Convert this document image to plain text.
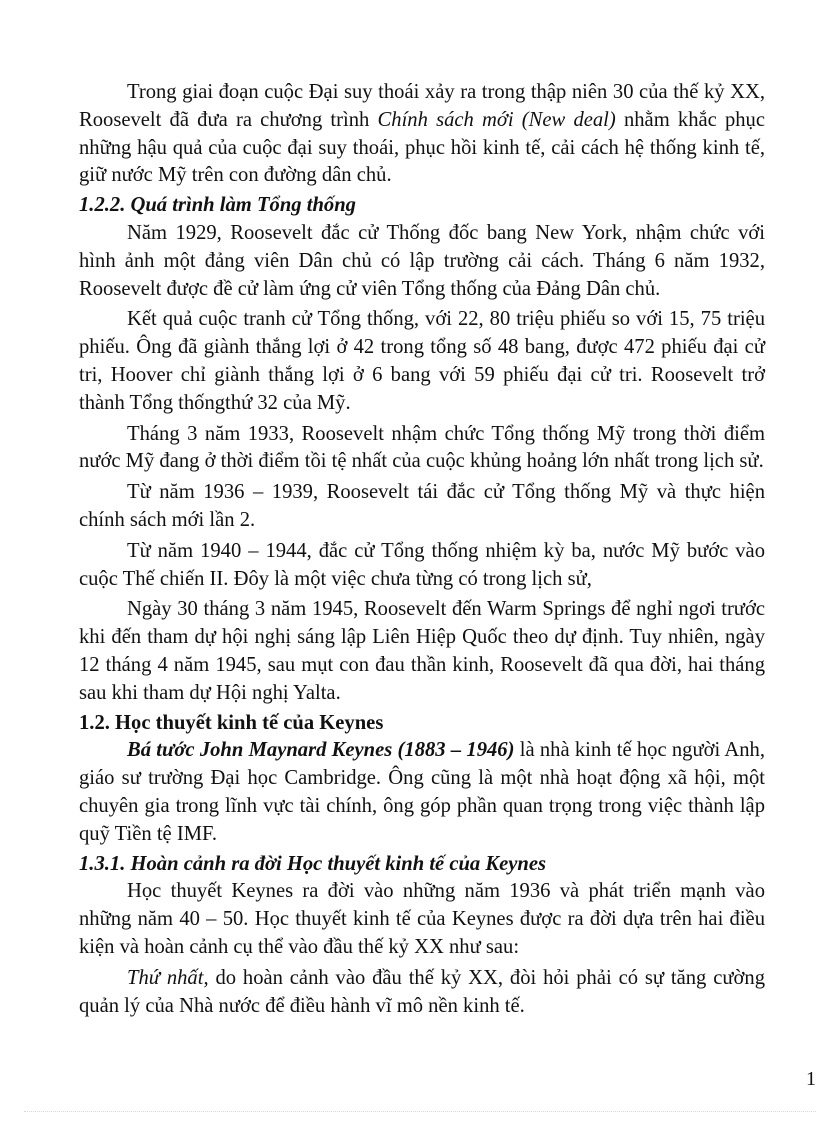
Trong giai đoạn cuộc Đại suy thoái xảy ra trong thập niên 30 của thế kỷ XX, Roosevelt đã đưa ra chương trình Chính sách mới (New deal) nhằm khắc phục những hậu quả của cuộc đại suy thoái, phục hồi kinh tế, cải cách hệ thống kinh tế, giữ nước Mỹ trên con đường dân chủ.

1.2.2. Quá trình làm Tổng thống

Năm 1929, Roosevelt đắc cử Thống đốc bang New York, nhậm chức với hình ảnh một đảng viên Dân chủ có lập trường cải cách. Tháng 6 năm 1932, Roosevelt được đề cử làm ứng cử viên Tổng thống của Đảng Dân chủ.

Kết quả cuộc tranh cử Tổng thống, với 22, 80 triệu phiếu so với 15, 75 triệu phiếu. Ông đã giành thắng lợi ở 42 trong tổng số 48 bang, được 472 phiếu đại cử tri, Hoover chỉ giành thắng lợi ở 6 bang với 59 phiếu đại cử tri. Roosevelt trở thành Tổng thốngthứ 32 của Mỹ.

Tháng 3 năm 1933, Roosevelt nhậm chức Tổng thống Mỹ trong thời điểm nước Mỹ đang ở thời điểm tồi tệ nhất của cuộc khủng hoảng lớn nhất trong lịch sử.

Từ năm 1936 – 1939, Roosevelt tái đắc cử Tổng thống Mỹ và thực hiện chính sách mới lần 2.

Từ năm 1940 – 1944, đắc cử Tổng thống nhiệm kỳ ba, nước Mỹ bước vào cuộc Thế chiến II. Đôy là một việc chưa từng có trong lịch sử,

Ngày 30 tháng 3 năm 1945, Roosevelt đến Warm Springs để nghỉ ngơi trước khi đến tham dự hội nghị sáng lập Liên Hiệp Quốc theo dự định. Tuy nhiên, ngày 12 tháng 4 năm 1945, sau mụt con đau thần kinh, Roosevelt đã qua đời, hai tháng sau khi tham dự Hội nghị Yalta.

1.2. Học thuyết kinh tế của Keynes

Bá tước John Maynard Keynes (1883 – 1946) là nhà kinh tế học người Anh, giáo sư trường Đại học Cambridge. Ông cũng là một nhà hoạt động xã hội, một chuyên gia trong lĩnh vực tài chính, ông góp phần quan trọng trong việc thành lập quỹ Tiền tệ IMF.

1.3.1. Hoàn cảnh ra đời Học thuyết kinh tế của Keynes

Học thuyết Keynes ra đời vào những năm 1936 và phát triển mạnh vào những năm 40 – 50. Học thuyết kinh tế của Keynes được ra đời dựa trên hai điều kiện và hoàn cảnh cụ thể vào đầu thế kỷ XX như sau:

Thứ nhất, do hoàn cảnh vào đầu thế kỷ XX, đòi hỏi phải có sự tăng cường quản lý của Nhà nước để điều hành vĩ mô nền kinh tế.

1
